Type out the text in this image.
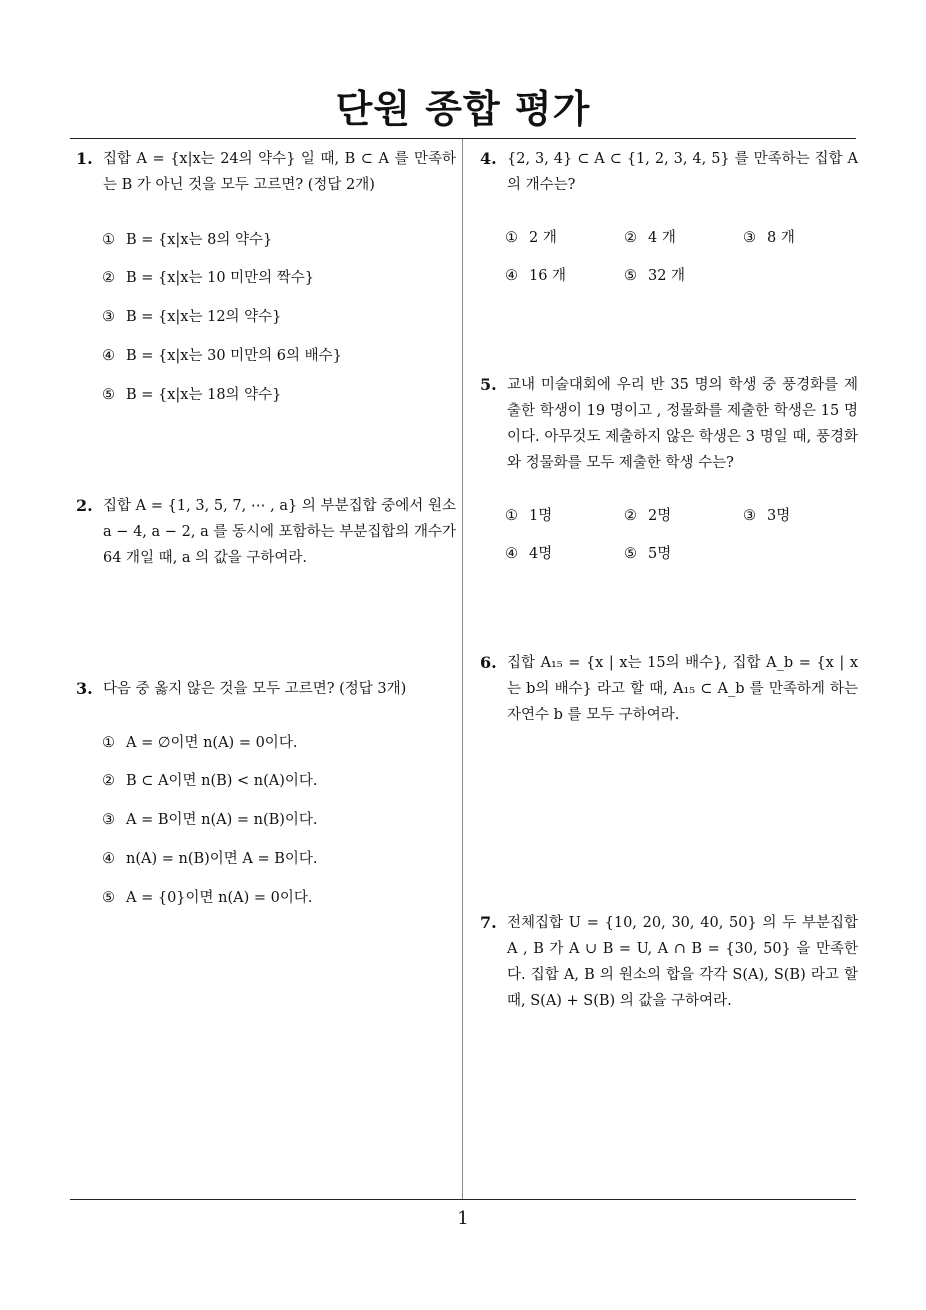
단원 종합 평가
1. 집합 A = {x|x는 24의 약수} 일 때, B ⊂ A 를 만족하는 B 가 아닌 것을 모두 고르면? (정답 2개)
① B = {x|x는 8의 약수}
② B = {x|x는 10 미만의 짝수}
③ B = {x|x는 12의 약수}
④ B = {x|x는 30 미만의 6의 배수}
⑤ B = {x|x는 18의 약수}
2. 집합 A = {1, 3, 5, 7, ⋯ , a} 의 부분집합 중에서 원소 a − 4, a − 2, a 를 동시에 포함하는 부분집합의 개수가 64 개일 때, a 의 값을 구하여라.
3. 다음 중 옳지 않은 것을 모두 고르면? (정답 3개)
① A = ∅이면 n(A) = 0이다.
② B ⊂ A이면 n(B) < n(A)이다.
③ A = B이면 n(A) = n(B)이다.
④ n(A) = n(B)이면 A = B이다.
⑤ A = {0}이면 n(A) = 0이다.
4. {2, 3, 4} ⊂ A ⊂ {1, 2, 3, 4, 5} 를 만족하는 집합 A 의 개수는?
① 2 개	② 4 개	③ 8 개
④ 16 개	⑤ 32 개
5. 교내 미술대회에 우리 반 35 명의 학생 중 풍경화를 제출한 학생이 19 명이고 , 정물화를 제출한 학생은 15 명이다. 아무것도 제출하지 않은 학생은 3 명일 때, 풍경화와 정물화를 모두 제출한 학생 수는?
① 1명	② 2명	③ 3명
④ 4명	⑤ 5명
6. 집합 A₁₅ = {x | x는 15의 배수}, 집합 A_b = {x | x는 b의 배수} 라고 할 때, A₁₅ ⊂ A_b 를 만족하게 하는 자연수 b 를 모두 구하여라.
7. 전체집합 U = {10, 20, 30, 40, 50} 의 두 부분집합 A , B 가 A ∪ B = U, A ∩ B = {30, 50} 을 만족한다. 집합 A, B 의 원소의 합을 각각 S(A), S(B) 라고 할 때, S(A) + S(B) 의 값을 구하여라.
1
